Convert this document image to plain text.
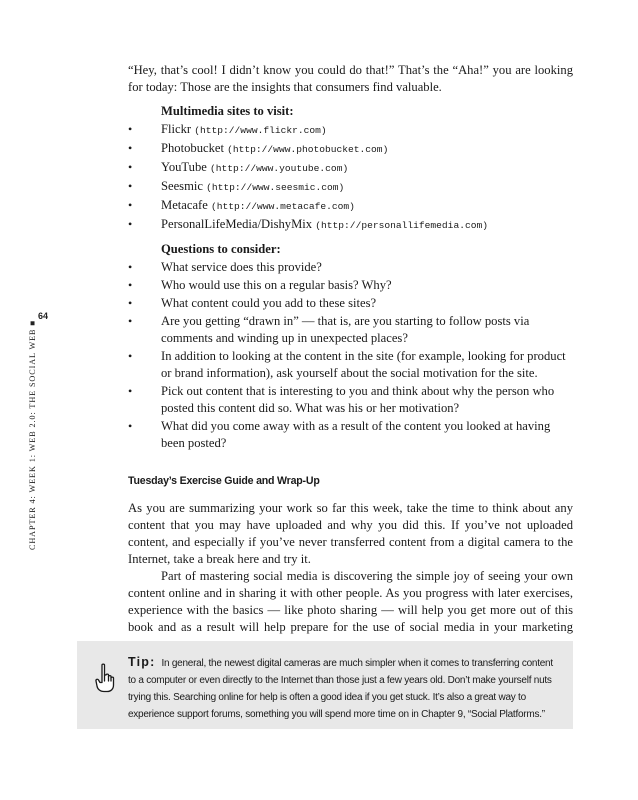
CHAPTER 4: WEEK 1: WEB 2.0: THE SOCIAL WEB ■
64

“Hey, that’s cool! I didn’t know you could do that!” That’s the “Aha!” you are looking for today: Those are the insights that consumers find valuable.

Multimedia sites to visit:
• Flickr (http://www.flickr.com)
• Photobucket (http://www.photobucket.com)
• YouTube (http://www.youtube.com)
• Seesmic (http://www.seesmic.com)
• Metacafe (http://www.metacafe.com)
• PersonalLifeMedia/DishyMix (http://personallifemedia.com)
Questions to consider:
• What service does this provide?
• Who would use this on a regular basis? Why?
• What content could you add to these sites?
• Are you getting “drawn in” — that is, are you starting to follow posts via comments and winding up in unexpected places?
• In addition to looking at the content in the site (for example, looking for product or brand information), ask yourself about the social motivation for the site.
• Pick out content that is interesting to you and think about why the person who posted this content did so. What was his or her motivation?
• What did you come away with as a result of the content you looked at having been posted?
Tuesday’s Exercise Guide and Wrap-Up

As you are summarizing your work so far this week, take the time to think about any content that you may have uploaded and why you did this. If you’ve not uploaded content, and especially if you’ve never transferred content from a digital camera to the Internet, take a break here and try it.

Part of mastering social media is discovering the simple joy of seeing your own content online and in sharing it with other people. As you progress with later exercises, experience with the basics — like photo sharing — will help you get more out of this book and as a result will help prepare for the use of social media in your marketing

Tip: In general, the newest digital cameras are much simpler when it comes to transferring content to a computer or even directly to the Internet than those just a few years old. Don’t make yourself nuts trying this. Searching online for help is often a good idea if you get stuck. It’s also a great way to experience support forums, something you will spend more time on in Chapter 9, “Social Platforms.”
